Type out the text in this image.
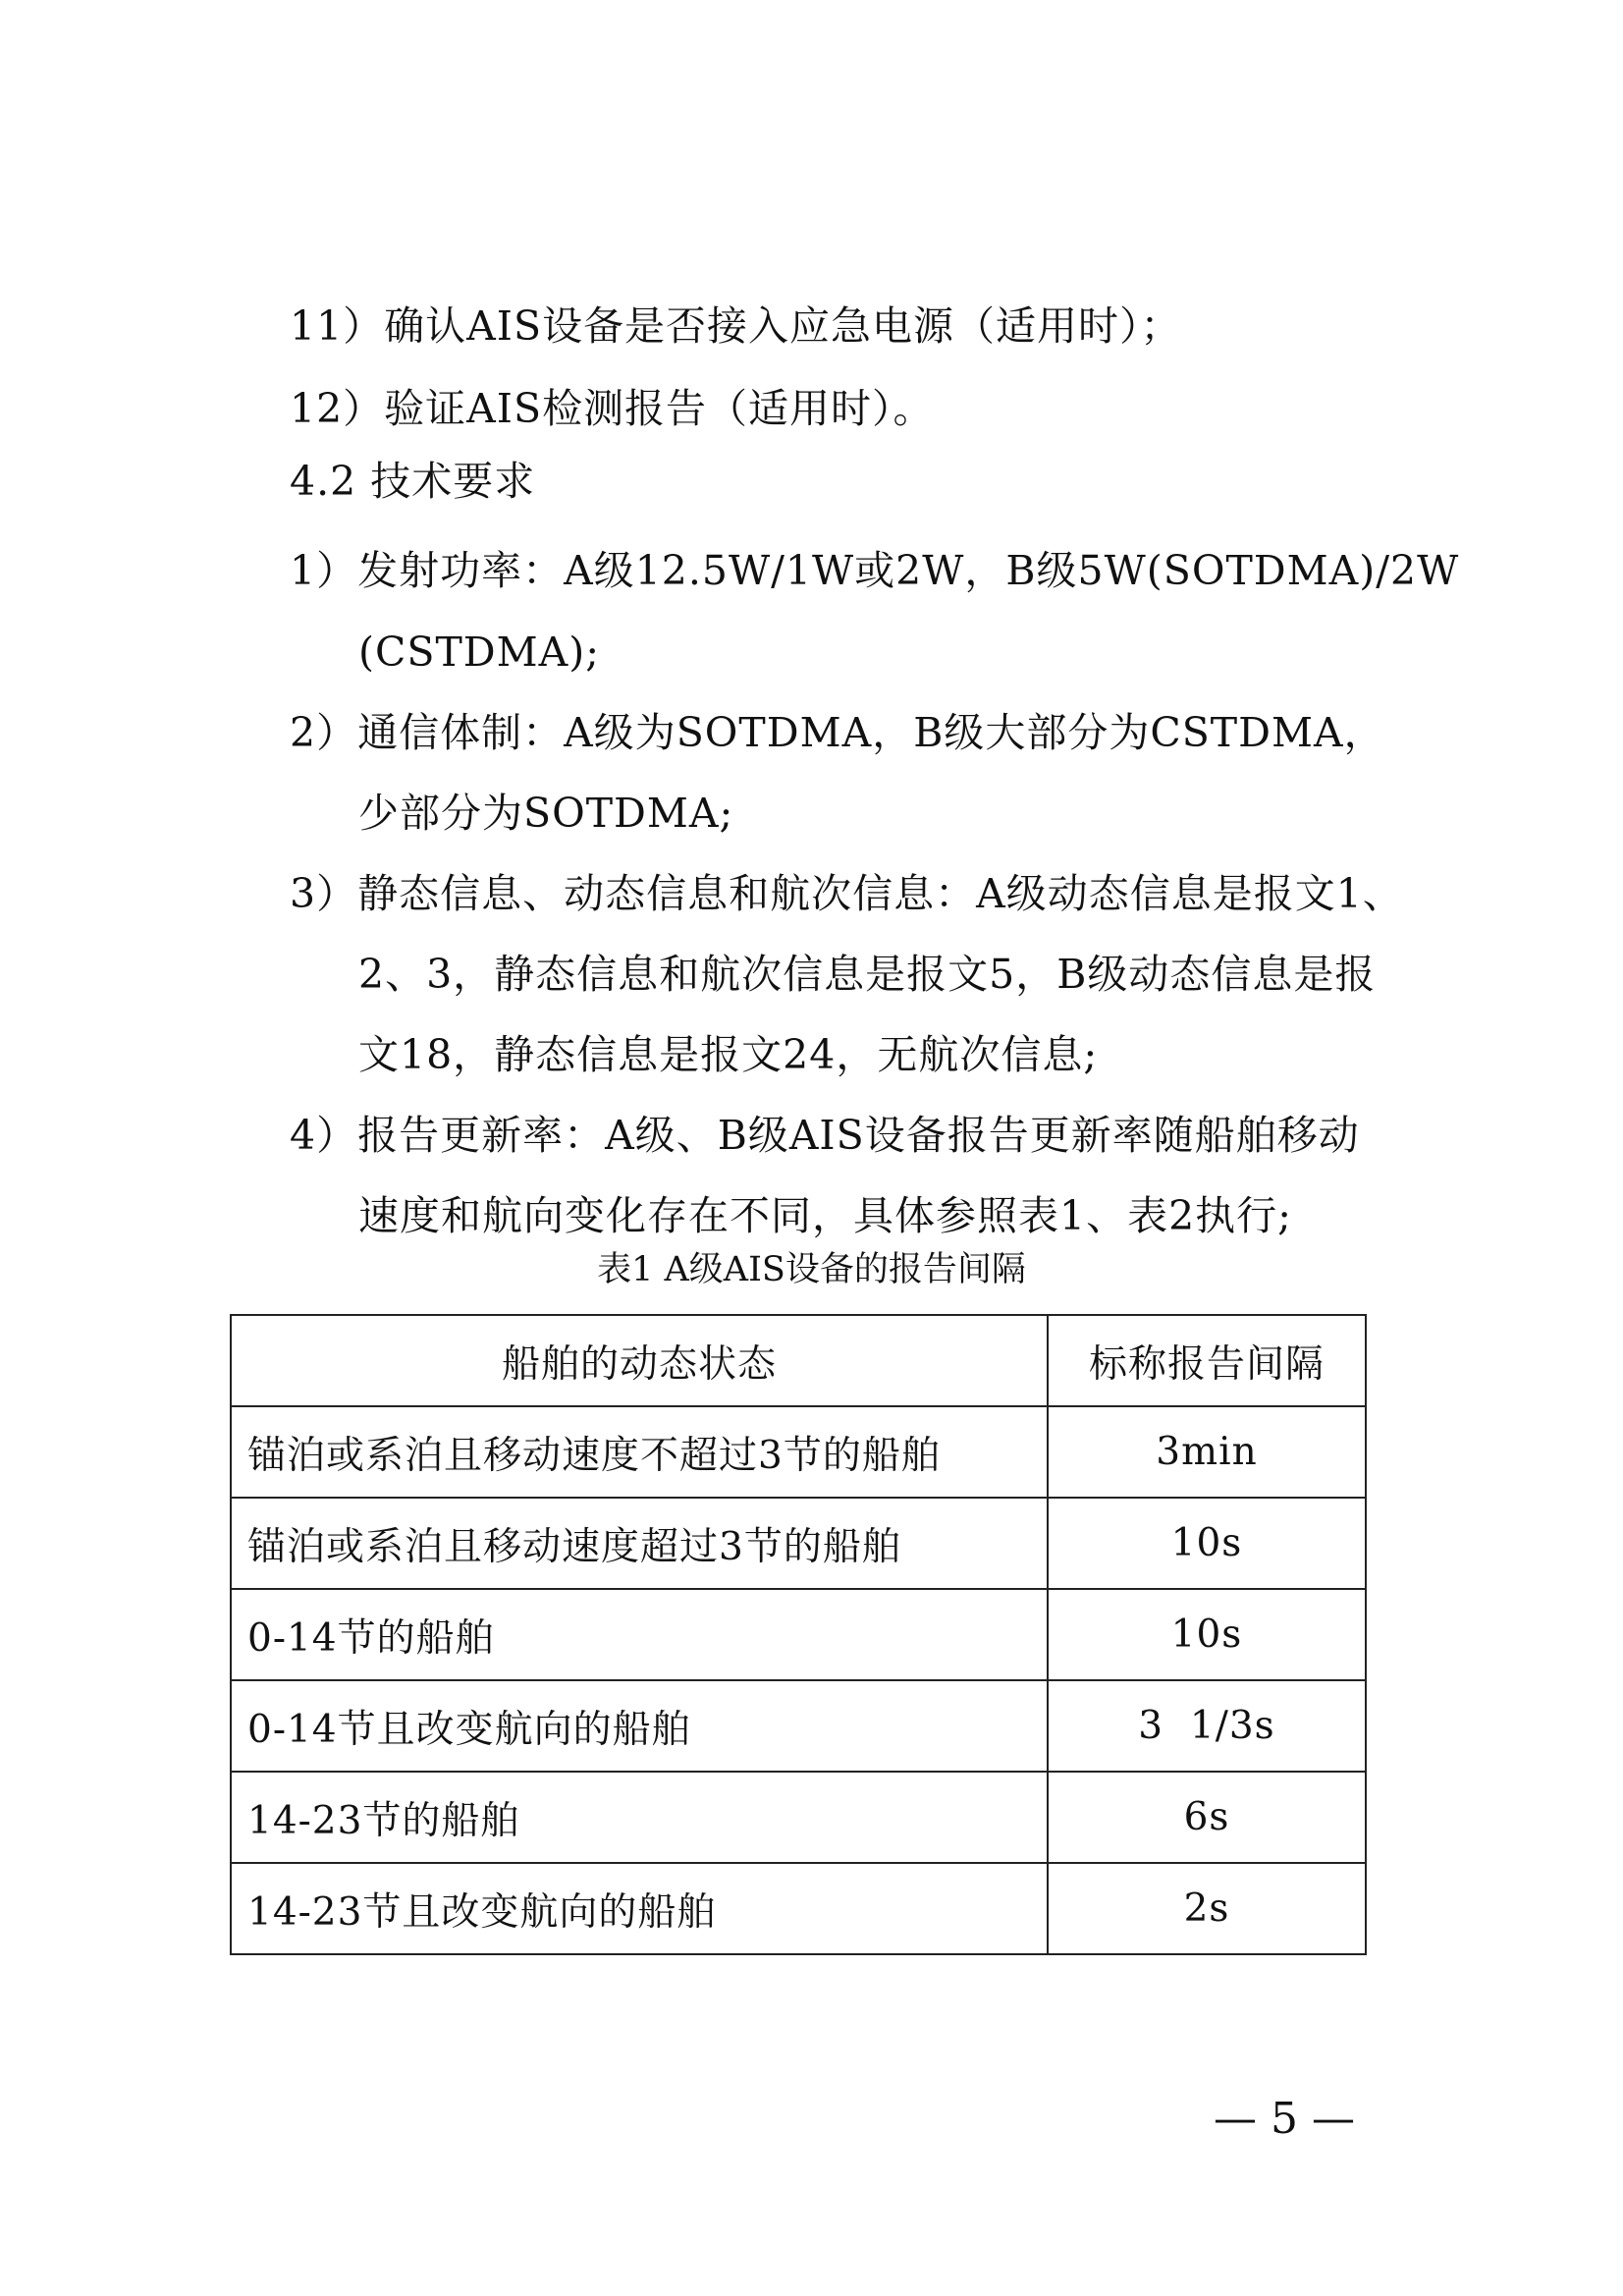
11）确认AIS设备是否接入应急电源（适用时）；
12）验证AIS检测报告（适用时）。
4.2 技术要求
1）发射功率：A级12.5W/1W或2W，B级5W(SOTDMA)/2W
(CSTDMA);
2）通信体制：A级为SOTDMA，B级大部分为CSTDMA，
少部分为SOTDMA;
3）静态信息、动态信息和航次信息：A级动态信息是报文1、
2、3，静态信息和航次信息是报文5，B级动态信息是报
文18，静态信息是报文24，无航次信息;
4）报告更新率：A级、B级AIS设备报告更新率随船舶移动
速度和航向变化存在不同，具体参照表1、表2执行;
表1 A级AIS设备的报告间隔
船舶的动态状态	标称报告间隔
锚泊或系泊且移动速度不超过3节的船舶	3min
锚泊或系泊且移动速度超过3节的船舶	10s
0-14节的船舶	10s
0-14节且改变航向的船舶	3  1/3s
14-23节的船舶	6s
14-23节且改变航向的船舶	2s
— 5 —
